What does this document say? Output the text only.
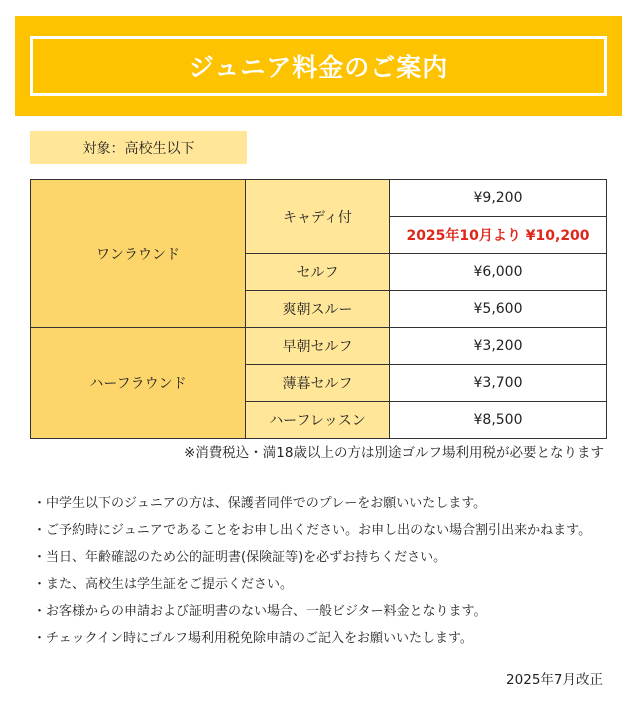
ジュニア料金のご案内
対象：高校生以下
ワンラウンド	キャディ付	¥9,200
		2025年10月より ¥10,200
	セルフ	¥6,000
	爽朝スルー	¥5,600
ハーフラウンド	早朝セルフ	¥3,200
	薄暮セルフ	¥3,700
	ハーフレッスン	¥8,500
※消費税込・満18歳以上の方は別途ゴルフ場利用税が必要となります
・中学生以下のジュニアの方は、保護者同伴でのプレーをお願いいたします。
・ご予約時にジュニアであることをお申し出ください。お申し出のない場合割引出来かねます。
・当日、年齢確認のため公的証明書(保険証等)を必ずお持ちください。
・また、高校生は学生証をご提示ください。
・お客様からの申請および証明書のない場合、一般ビジター料金となります。
・チェックイン時にゴルフ場利用税免除申請のご記入をお願いいたします。
2025年7月改正
